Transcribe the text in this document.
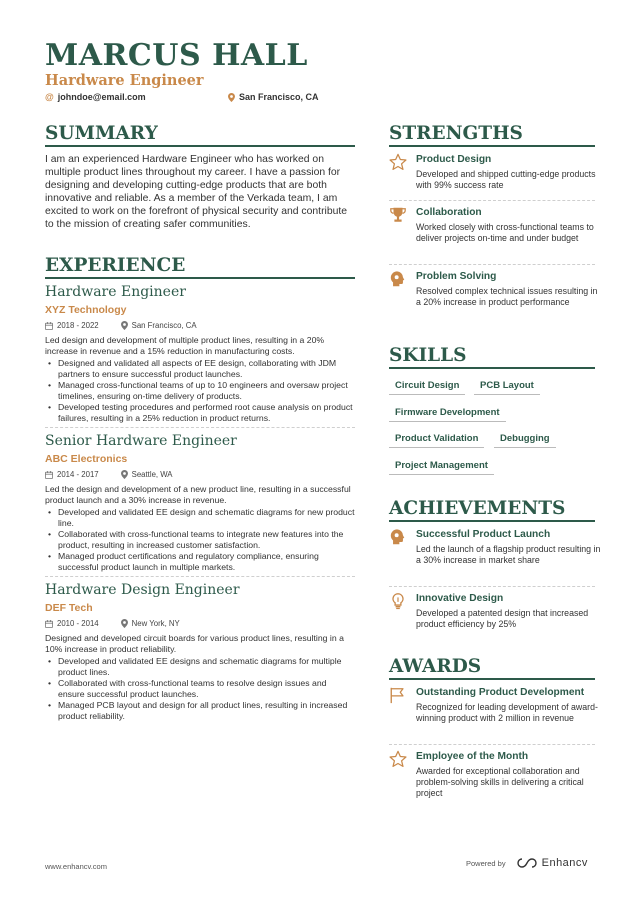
MARCUS HALL
Hardware Engineer
@ johndoe@email.com	San Francisco, CA
SUMMARY
I am an experienced Hardware Engineer who has worked on multiple product lines throughout my career. I have a passion for designing and developing cutting-edge products that are both innovative and reliable. As a member of the Verkada team, I am excited to work on the forefront of physical security and contribute to the mission of creating safer communities.
EXPERIENCE
Hardware Engineer
XYZ Technology
2018 - 2022	San Francisco, CA
Led design and development of multiple product lines, resulting in a 20% increase in revenue and a 15% reduction in manufacturing costs.
• Designed and validated all aspects of EE design, collaborating with JDM partners to ensure successful product launches.
• Managed cross-functional teams of up to 10 engineers and oversaw project timelines, ensuring on-time delivery of products.
• Developed testing procedures and performed root cause analysis on product failures, resulting in a 25% reduction in product returns.
Senior Hardware Engineer
ABC Electronics
2014 - 2017	Seattle, WA
Led the design and development of a new product line, resulting in a successful product launch and a 30% increase in revenue.
• Developed and validated EE design and schematic diagrams for new product line.
• Collaborated with cross-functional teams to integrate new features into the product, resulting in increased customer satisfaction.
• Managed product certifications and regulatory compliance, ensuring successful product launch in multiple markets.
Hardware Design Engineer
DEF Tech
2010 - 2014	New York, NY
Designed and developed circuit boards for various product lines, resulting in a 10% increase in product reliability.
• Developed and validated EE designs and schematic diagrams for multiple product lines.
• Collaborated with cross-functional teams to resolve design issues and ensure successful product launches.
• Managed PCB layout and design for all product lines, resulting in increased product reliability.
STRENGTHS
Product Design
Developed and shipped cutting-edge products with 99% success rate
Collaboration
Worked closely with cross-functional teams to deliver projects on-time and under budget
Problem Solving
Resolved complex technical issues resulting in a 20% increase in product performance
SKILLS
Circuit Design	PCB Layout
Firmware Development
Product Validation	Debugging
Project Management
ACHIEVEMENTS
Successful Product Launch
Led the launch of a flagship product resulting in a 30% increase in market share
Innovative Design
Developed a patented design that increased product efficiency by 25%
AWARDS
Outstanding Product Development
Recognized for leading development of award-winning product with 2 million in revenue
Employee of the Month
Awarded for exceptional collaboration and problem-solving skills in delivering a critical project
www.enhancv.com	Powered by	Enhancv
